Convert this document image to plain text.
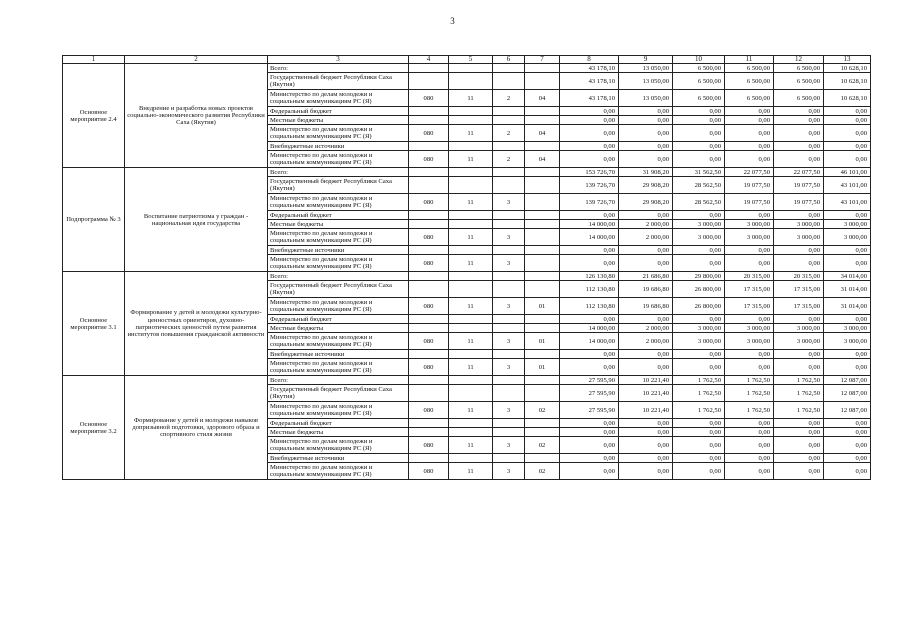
3
1	2	3	4	5	6	7	8	9	10	11	12	13
Основное мероприятие 2.4	Внедрение и разработка новых проектов социально-экономического развития Республики Саха (Якутия)	Всего:					43 178,10	13 050,00	6 500,00	6 500,00	6 500,00	10 628,10
		Государственный бюджет Республики Саха (Якутия)					43 178,10	13 050,00	6 500,00	6 500,00	6 500,00	10 628,10
		Министерство по делам молодежи и социальным коммуникациям РС (Я)	080	11	2	04	43 178,10	13 050,00	6 500,00	6 500,00	6 500,00	10 628,10
		Федеральный бюджет					0,00	0,00	0,00	0,00	0,00	0,00
		Местные бюджеты					0,00	0,00	0,00	0,00	0,00	0,00
		Министерство по делам молодежи и социальным коммуникациям РС (Я)	080	11	2	04	0,00	0,00	0,00	0,00	0,00	0,00
		Внебюджетные источники					0,00	0,00	0,00	0,00	0,00	0,00
		Министерство по делам молодежи и социальным коммуникациям РС (Я)	080	11	2	04	0,00	0,00	0,00	0,00	0,00	0,00
Подпрограмма № 3	Воспитание патриотизма у граждан - национальная идея государства	Всего:					153 726,70	31 908,20	31 562,50	22 077,50	22 077,50	46 101,00
		Государственный бюджет Республики Саха (Якутия)					139 726,70	29 908,20	28 562,50	19 077,50	19 077,50	43 101,00
		Министерство по делам молодежи и социальным коммуникациям РС (Я)	080	11	3		139 726,70	29 908,20	28 562,50	19 077,50	19 077,50	43 101,00
		Федеральный бюджет					0,00	0,00	0,00	0,00	0,00	0,00
		Местные бюджеты					14 000,00	2 000,00	3 000,00	3 000,00	3 000,00	3 000,00
		Министерство по делам молодежи и социальным коммуникациям РС (Я)	080	11	3		14 000,00	2 000,00	3 000,00	3 000,00	3 000,00	3 000,00
		Внебюджетные источники					0,00	0,00	0,00	0,00	0,00	0,00
		Министерство по делам молодежи и социальным коммуникациям РС (Я)	080	11	3		0,00	0,00	0,00	0,00	0,00	0,00
Основное мероприятие 3.1	Формирование у детей и молодежи культурно-ценностных ориентиров, духовно-патриотических ценностей путем развития институтов повышения гражданской активности	Всего:					126 130,80	21 686,80	29 800,00	20 315,00	20 315,00	34 014,00
		Государственный бюджет Республики Саха (Якутия)					112 130,80	19 686,80	26 800,00	17 315,00	17 315,00	31 014,00
		Министерство по делам молодежи и социальным коммуникациям РС (Я)	080	11	3	01	112 130,80	19 686,80	26 800,00	17 315,00	17 315,00	31 014,00
		Федеральный бюджет					0,00	0,00	0,00	0,00	0,00	0,00
		Местные бюджеты					14 000,00	2 000,00	3 000,00	3 000,00	3 000,00	3 000,00
		Министерство по делам молодежи и социальным коммуникациям РС (Я)	080	11	3	01	14 000,00	2 000,00	3 000,00	3 000,00	3 000,00	3 000,00
		Внебюджетные источники					0,00	0,00	0,00	0,00	0,00	0,00
		Министерство по делам молодежи и социальным коммуникациям РС (Я)	080	11	3	01	0,00	0,00	0,00	0,00	0,00	0,00
Основное мероприятие 3.2	Формирование у детей и молодежи навыков допризывной подготовки, здорового образа и спортивного стиля жизни	Всего:					27 595,90	10 221,40	1 762,50	1 762,50	1 762,50	12 087,00
		Государственный бюджет Республики Саха (Якутия)					27 595,90	10 221,40	1 762,50	1 762,50	1 762,50	12 087,00
		Министерство по делам молодежи и социальным коммуникациям РС (Я)	080	11	3	02	27 595,90	10 221,40	1 762,50	1 762,50	1 762,50	12 087,00
		Федеральный бюджет					0,00	0,00	0,00	0,00	0,00	0,00
		Местные бюджеты					0,00	0,00	0,00	0,00	0,00	0,00
		Министерство по делам молодежи и социальным коммуникациям РС (Я)	080	11	3	02	0,00	0,00	0,00	0,00	0,00	0,00
		Внебюджетные источники					0,00	0,00	0,00	0,00	0,00	0,00
		Министерство по делам молодежи и социальным коммуникациям РС (Я)	080	11	3	02	0,00	0,00	0,00	0,00	0,00	0,00
